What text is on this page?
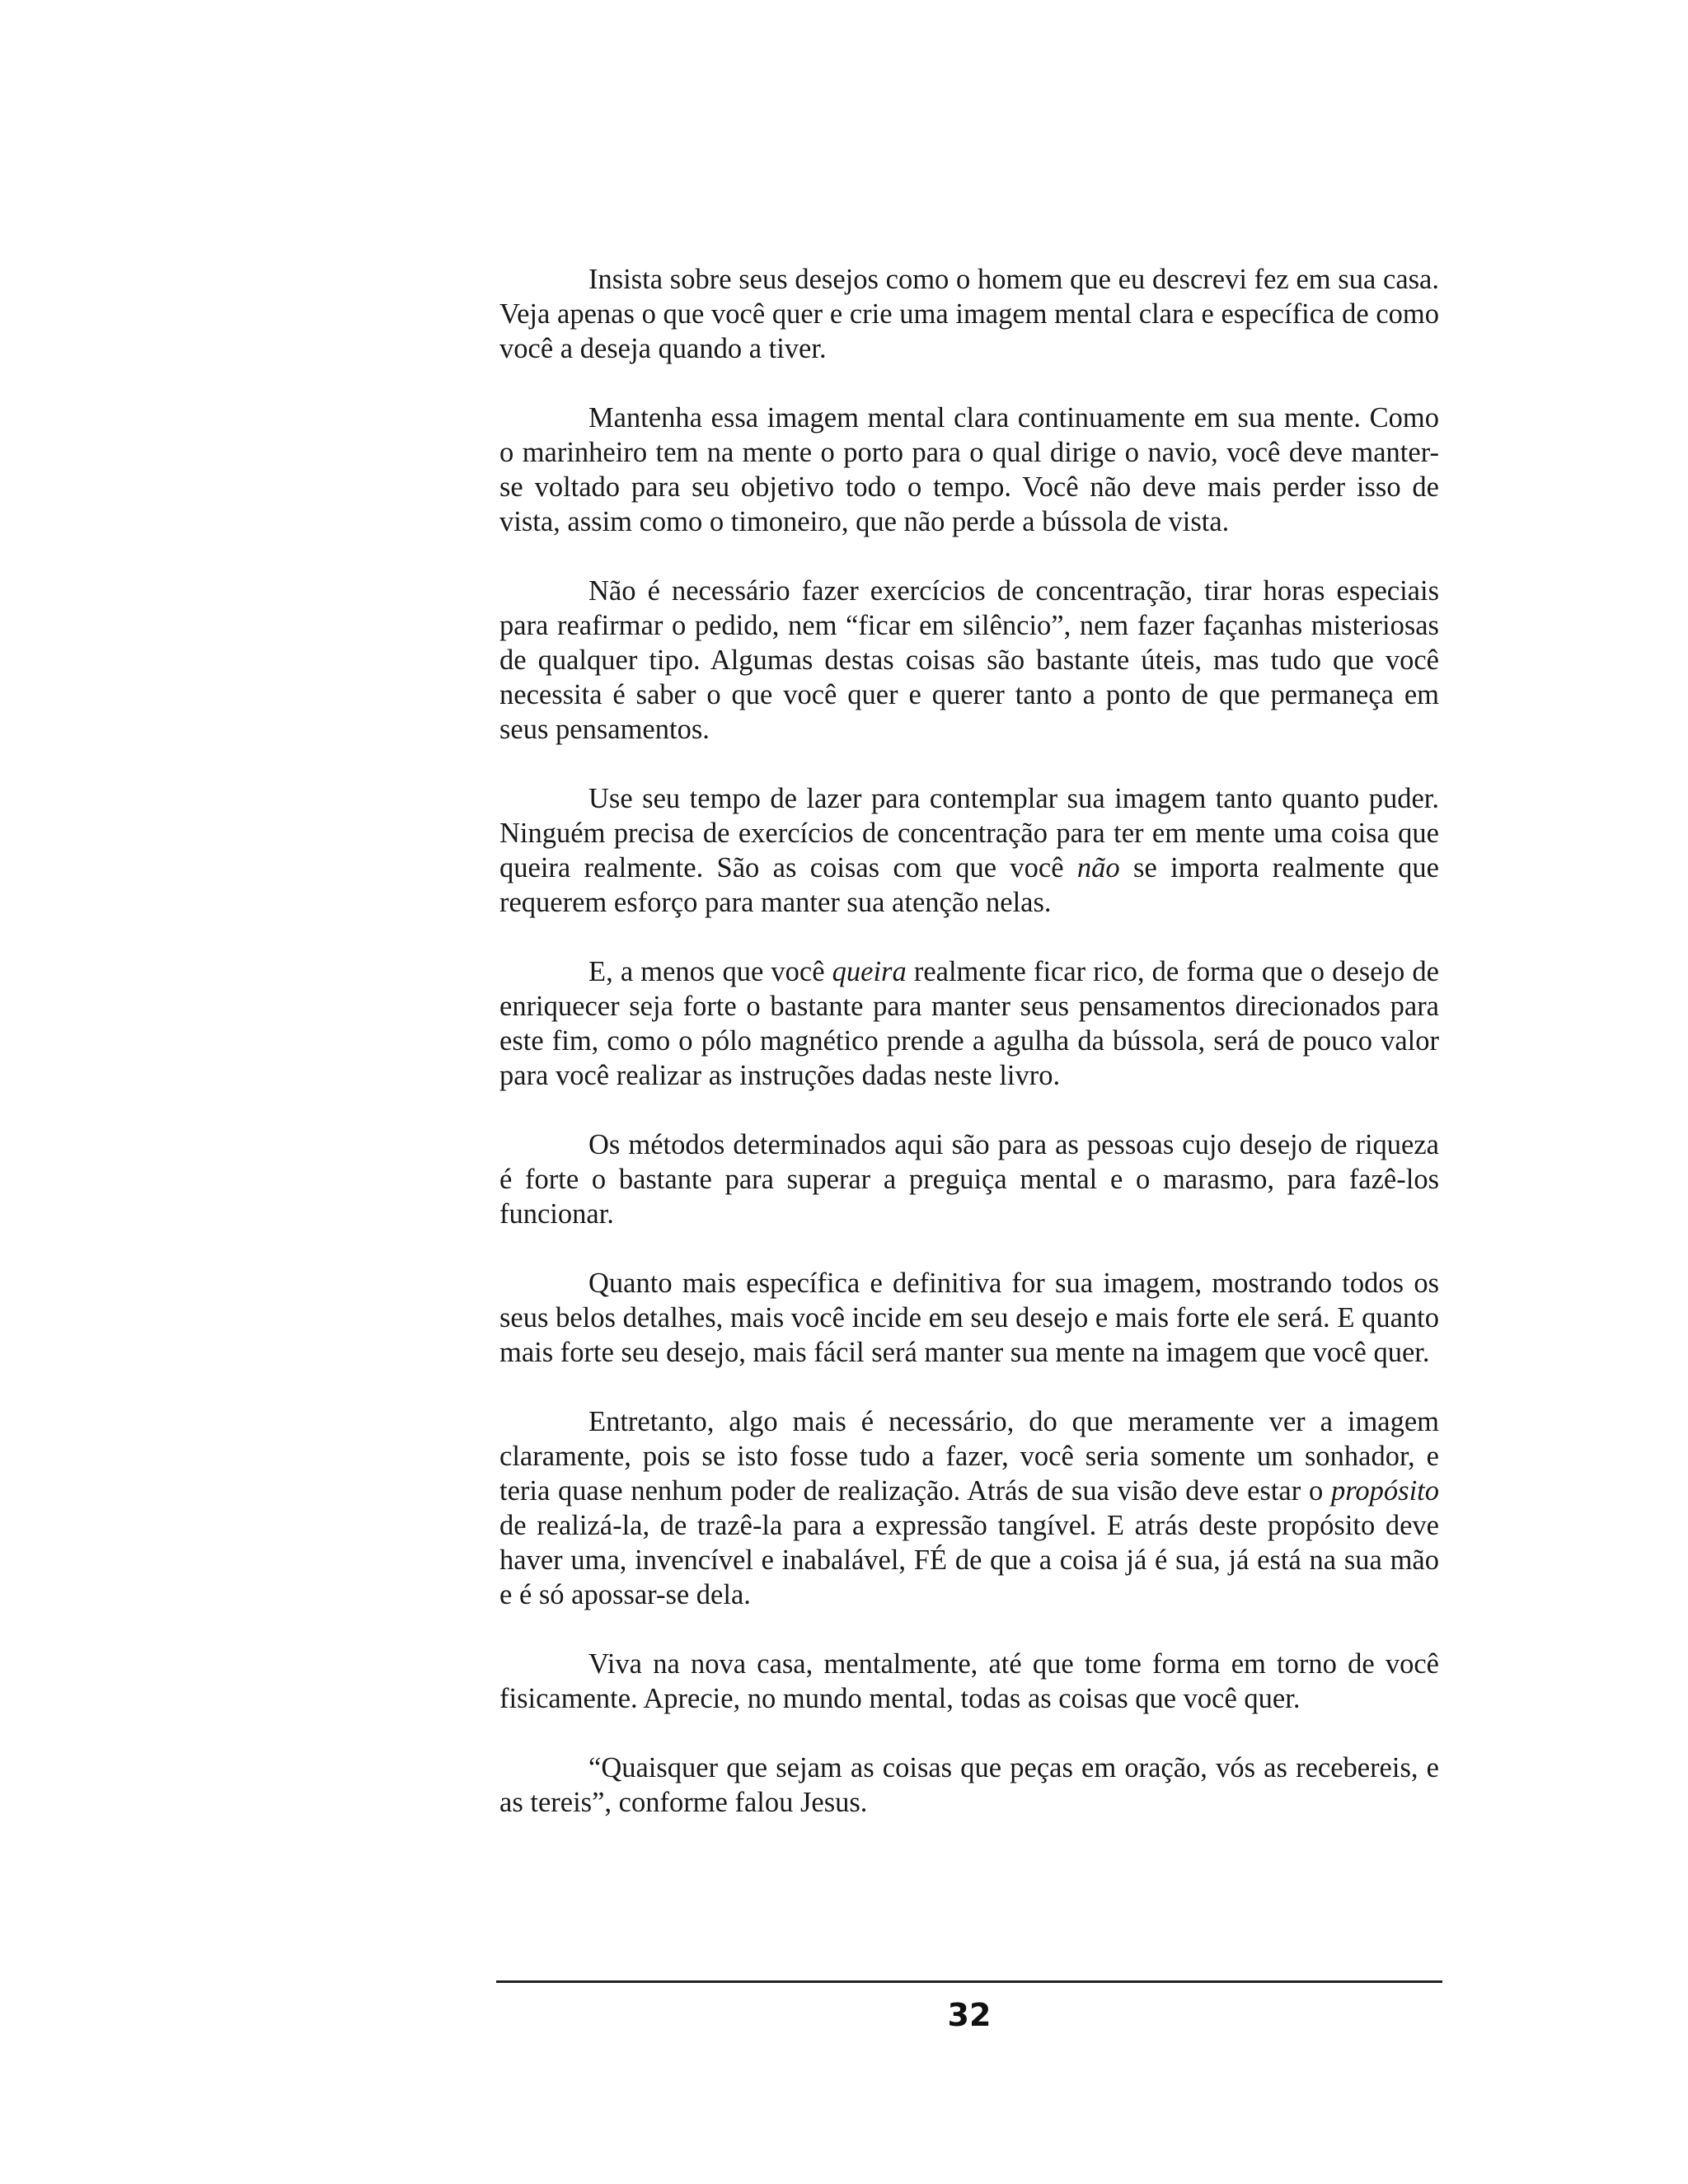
Insista sobre seus desejos como o homem que eu descrevi fez em sua casa. Veja apenas o que você quer e crie uma imagem mental clara e específica de como você a deseja quando a tiver.

Mantenha essa imagem mental clara continuamente em sua mente. Como o marinheiro tem na mente o porto para o qual dirige o navio, você deve manter-se voltado para seu objetivo todo o tempo. Você não deve mais perder isso de vista, assim como o timoneiro, que não perde a bússola de vista.

Não é necessário fazer exercícios de concentração, tirar horas especiais para reafirmar o pedido, nem “ficar em silêncio”, nem fazer façanhas misteriosas de qualquer tipo. Algumas destas coisas são bastante úteis, mas tudo que você necessita é saber o que você quer e querer tanto a ponto de que permaneça em seus pensamentos.

Use seu tempo de lazer para contemplar sua imagem tanto quanto puder. Ninguém precisa de exercícios de concentração para ter em mente uma coisa que queira realmente. São as coisas com que você não se importa realmente que requerem esforço para manter sua atenção nelas.

E, a menos que você queira realmente ficar rico, de forma que o desejo de enriquecer seja forte o bastante para manter seus pensamentos direcionados para este fim, como o pólo magnético prende a agulha da bússola, será de pouco valor para você realizar as instruções dadas neste livro.

Os métodos determinados aqui são para as pessoas cujo desejo de riqueza é forte o bastante para superar a preguiça mental e o marasmo, para fazê-los funcionar.

Quanto mais específica e definitiva for sua imagem, mostrando todos os seus belos detalhes, mais você incide em seu desejo e mais forte ele será. E quanto mais forte seu desejo, mais fácil será manter sua mente na imagem que você quer.

Entretanto, algo mais é necessário, do que meramente ver a imagem claramente, pois se isto fosse tudo a fazer, você seria somente um sonhador, e teria quase nenhum poder de realização. Atrás de sua visão deve estar o propósito de realizá-la, de trazê-la para a expressão tangível. E atrás deste propósito deve haver uma, invencível e inabalável, FÉ de que a coisa já é sua, já está na sua mão e é só apossar-se dela.

Viva na nova casa, mentalmente, até que tome forma em torno de você fisicamente. Aprecie, no mundo mental, todas as coisas que você quer.

“Quaisquer que sejam as coisas que peças em oração, vós as recebereis, e as tereis”, conforme falou Jesus.

32
